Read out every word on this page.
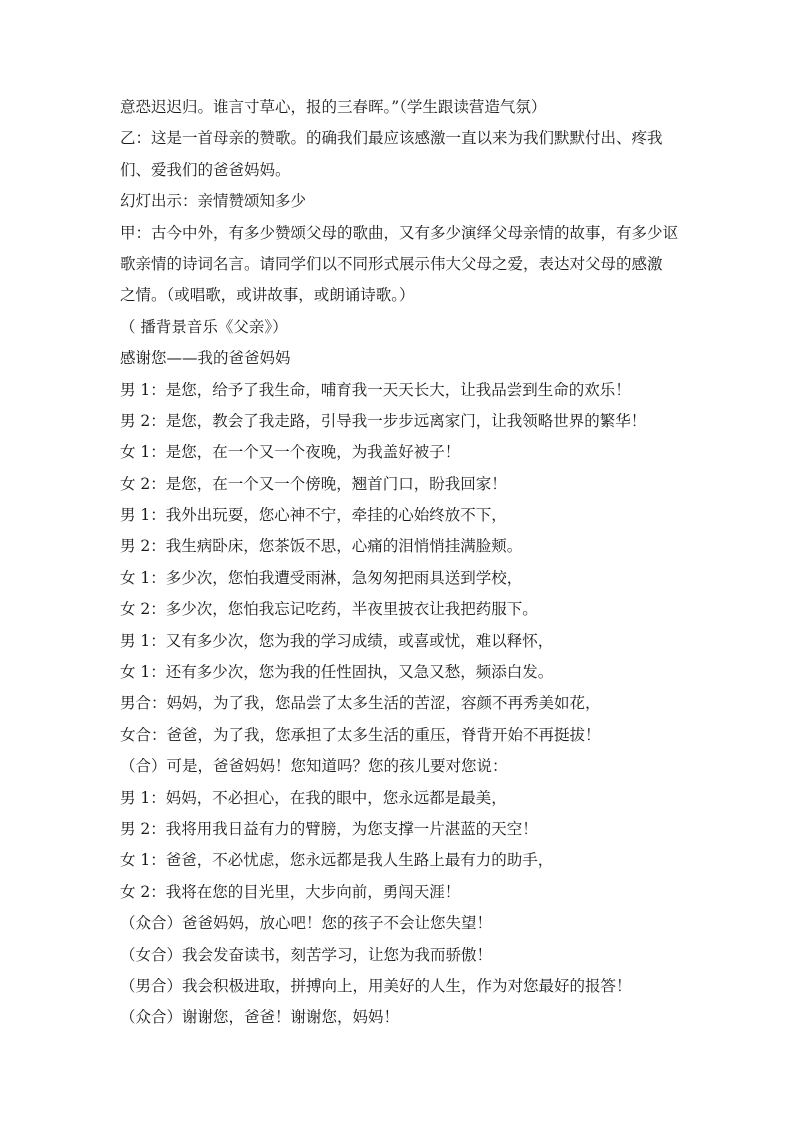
意恐迟迟归。谁言寸草心，报的三春晖。”（学生跟读营造气氛）

乙：这是一首母亲的赞歌。的确我们最应该感激一直以来为我们默默付出、疼我

们、爱我们的爸爸妈妈。

幻灯出示：亲情赞颂知多少

甲：古今中外，有多少赞颂父母的歌曲，又有多少演绎父母亲情的故事，有多少讴

歌亲情的诗词名言。请同学们以不同形式展示伟大父母之爱，表达对父母的感激

之情。（或唱歌，或讲故事，或朗诵诗歌。）

（ 播背景音乐《父亲》）

感谢您——我的爸爸妈妈

男 1：是您，给予了我生命，哺育我一天天长大，让我品尝到生命的欢乐！

男 2：是您，教会了我走路，引导我一步步远离家门，让我领略世界的繁华！

女 1：是您，在一个又一个夜晚，为我盖好被子！

女 2：是您，在一个又一个傍晚，翘首门口，盼我回家！

男 1：我外出玩耍，您心神不宁，牵挂的心始终放不下，

男 2：我生病卧床，您茶饭不思，心痛的泪悄悄挂满脸颊。

女 1：多少次，您怕我遭受雨淋，急匆匆把雨具送到学校，

女 2：多少次，您怕我忘记吃药，半夜里披衣让我把药服下。

男 1：又有多少次，您为我的学习成绩，或喜或忧，难以释怀，

女 1：还有多少次，您为我的任性固执，又急又愁，频添白发。

男合：妈妈，为了我，您品尝了太多生活的苦涩，容颜不再秀美如花，

女合：爸爸，为了我，您承担了太多生活的重压，脊背开始不再挺拔！

（合）可是，爸爸妈妈！您知道吗？您的孩儿要对您说：

男 1：妈妈，不必担心，在我的眼中，您永远都是最美，

男 2：我将用我日益有力的臂膀，为您支撑一片湛蓝的天空！

女 1：爸爸，不必忧虑，您永远都是我人生路上最有力的助手，

女 2：我将在您的目光里，大步向前，勇闯天涯！

（众合）爸爸妈妈，放心吧！您的孩子不会让您失望！

（女合）我会发奋读书，刻苦学习，让您为我而骄傲！

（男合）我会积极进取，拼搏向上，用美好的人生，作为对您最好的报答！

（众合）谢谢您，爸爸！谢谢您，妈妈！
